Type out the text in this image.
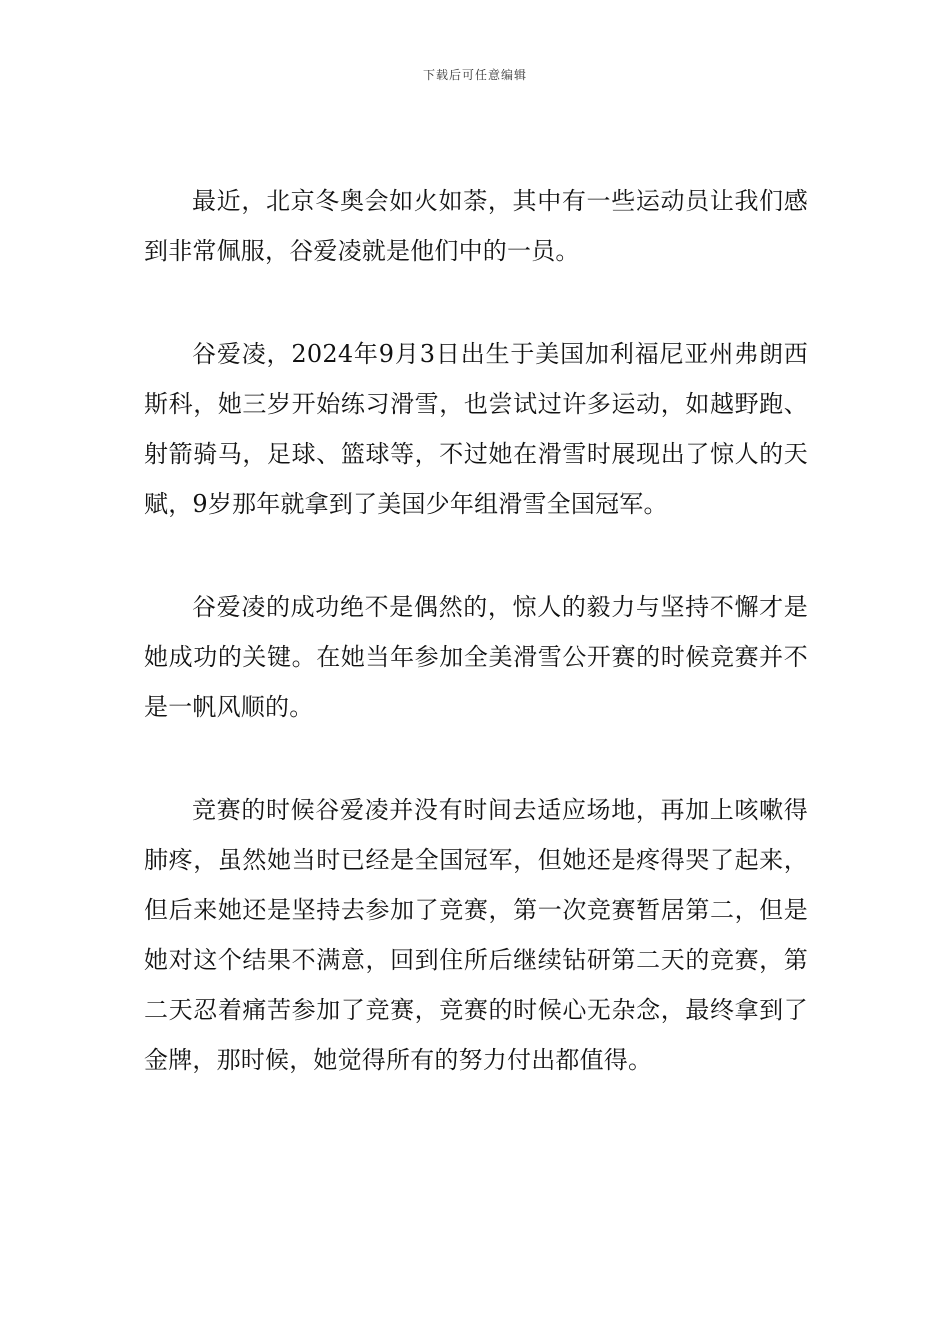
下载后可任意编辑

最近，北京冬奥会如火如荼，其中有一些运动员让我们感到非常佩服，谷爱凌就是他们中的一员。

谷爱凌，2024年9月3日出生于美国加利福尼亚州弗朗西斯科，她三岁开始练习滑雪，也尝试过许多运动，如越野跑、射箭骑马，足球、篮球等，不过她在滑雪时展现出了惊人的天赋，9岁那年就拿到了美国少年组滑雪全国冠军。

谷爱凌的成功绝不是偶然的，惊人的毅力与坚持不懈才是她成功的关键。在她当年参加全美滑雪公开赛的时候竞赛并不是一帆风顺的。

竞赛的时候谷爱凌并没有时间去适应场地，再加上咳嗽得肺疼，虽然她当时已经是全国冠军，但她还是疼得哭了起来，但后来她还是坚持去参加了竞赛，第一次竞赛暂居第二，但是她对这个结果不满意，回到住所后继续钻研第二天的竞赛，第二天忍着痛苦参加了竞赛，竞赛的时候心无杂念，最终拿到了金牌，那时候，她觉得所有的努力付出都值得。
